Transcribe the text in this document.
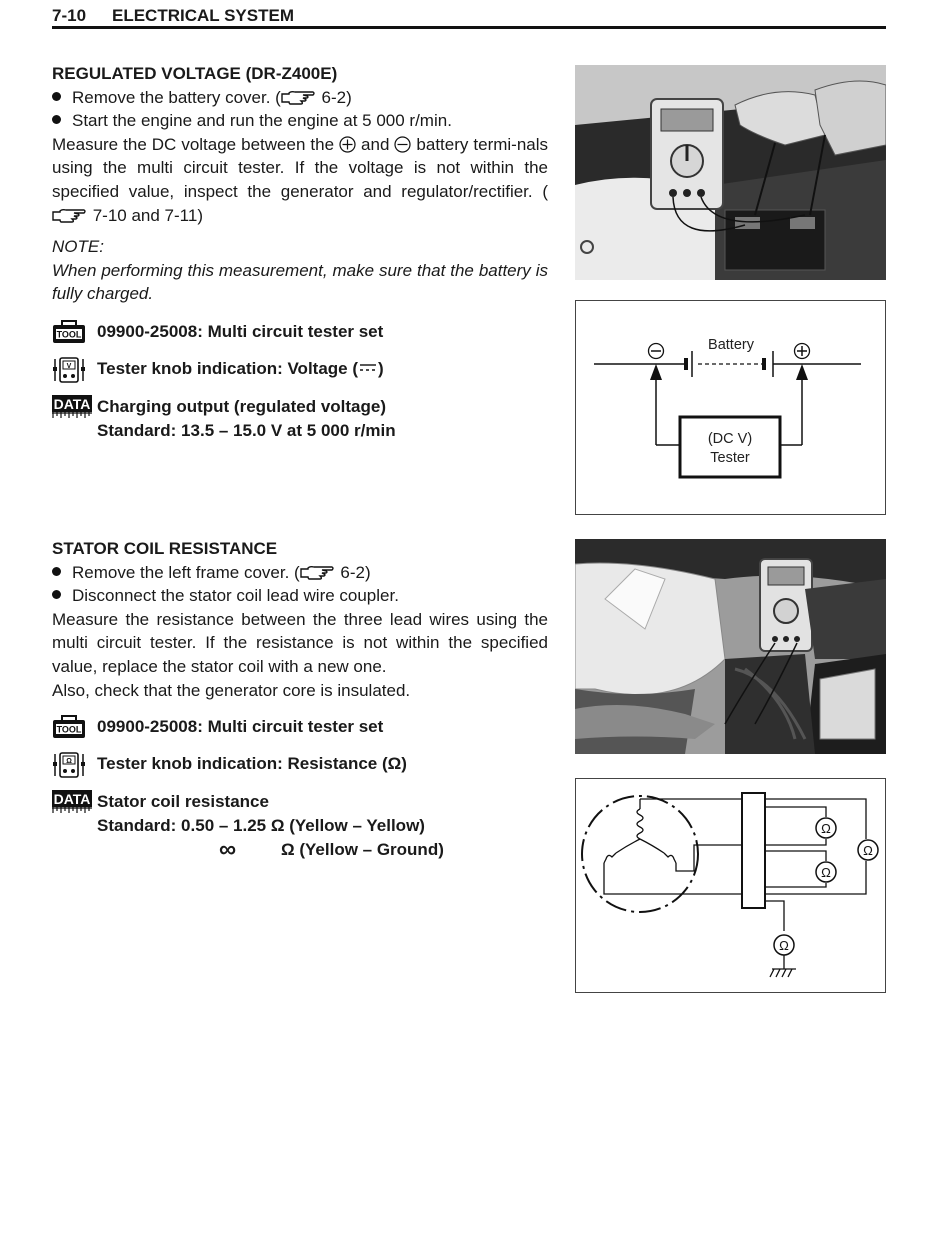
7-10 ELECTRICAL SYSTEM

REGULATED VOLTAGE (DR-Z400E)

Remove the battery cover. ( 6-2)
Start the engine and run the engine at 5 000 r/min.

Measure the DC voltage between the  and  battery termi-nals using the multi circuit tester. If the voltage is not within the specified value, inspect the generator and regulator/rectifier. ( 7-10 and 7-11)

NOTE:

When performing this measurement, make sure that the battery is fully charged.

TOOL 09900-25008: Multi circuit tester set
V Tester knob indication: Voltage ( )
DATA Charging output (regulated voltage)
Standard: 13.5 – 15.0 V at 5 000 r/min
Battery
(DC V)
Tester

STATOR COIL RESISTANCE

Remove the left frame cover. ( 6-2)
Disconnect the stator coil lead wire coupler.

Measure the resistance between the three lead wires using the multi circuit tester. If the resistance is not within the specified value, replace the stator coil with a new one.

Also, check that the generator core is insulated.

TOOL 09900-25008: Multi circuit tester set
Ω Tester knob indication: Resistance (Ω)
DATA Stator coil resistance
Standard: 0.50 – 1.25 Ω (Yellow – Yellow)
∞	Ω (Yellow – Ground)
Ω
Ω
Ω
Ω
